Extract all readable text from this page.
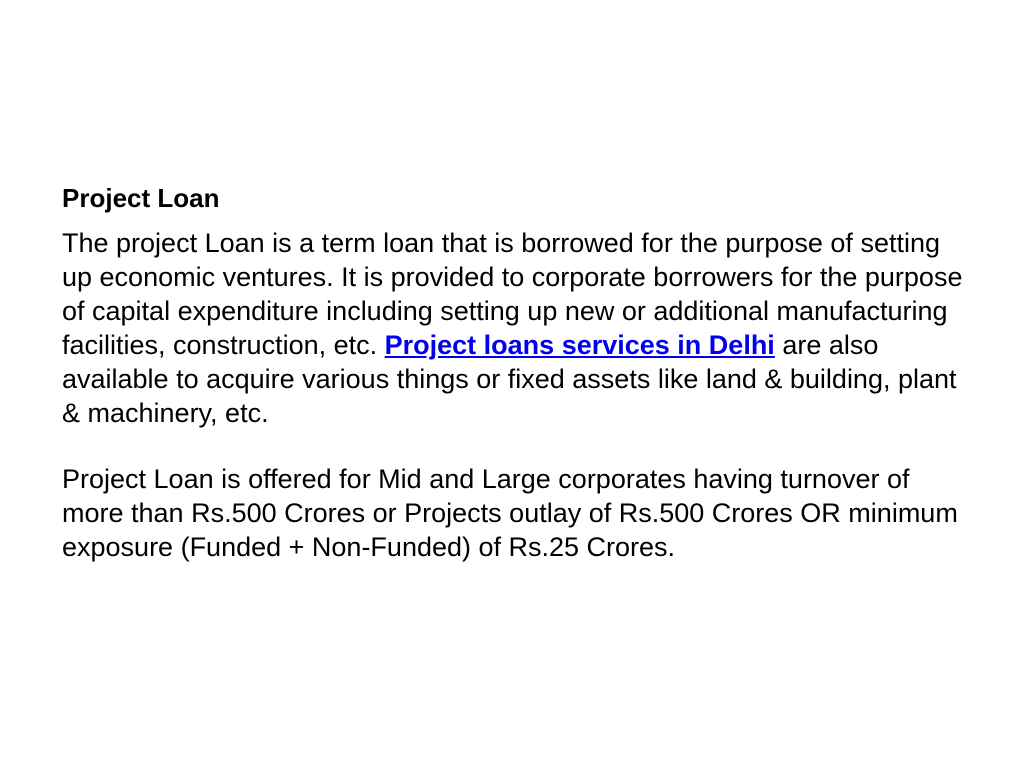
Project Loan

The project Loan is a term loan that is borrowed for the purpose of setting up economic ventures. It is provided to corporate borrowers for the purpose of capital expenditure including setting up new or additional manufacturing facilities, construction, etc. Project loans services in Delhi are also available to acquire various things or fixed assets like land & building, plant & machinery, etc.

Project Loan is offered for Mid and Large corporates having turnover of more than Rs.500 Crores or Projects outlay of Rs.500 Crores OR minimum exposure (Funded + Non-Funded) of Rs.25 Crores.
